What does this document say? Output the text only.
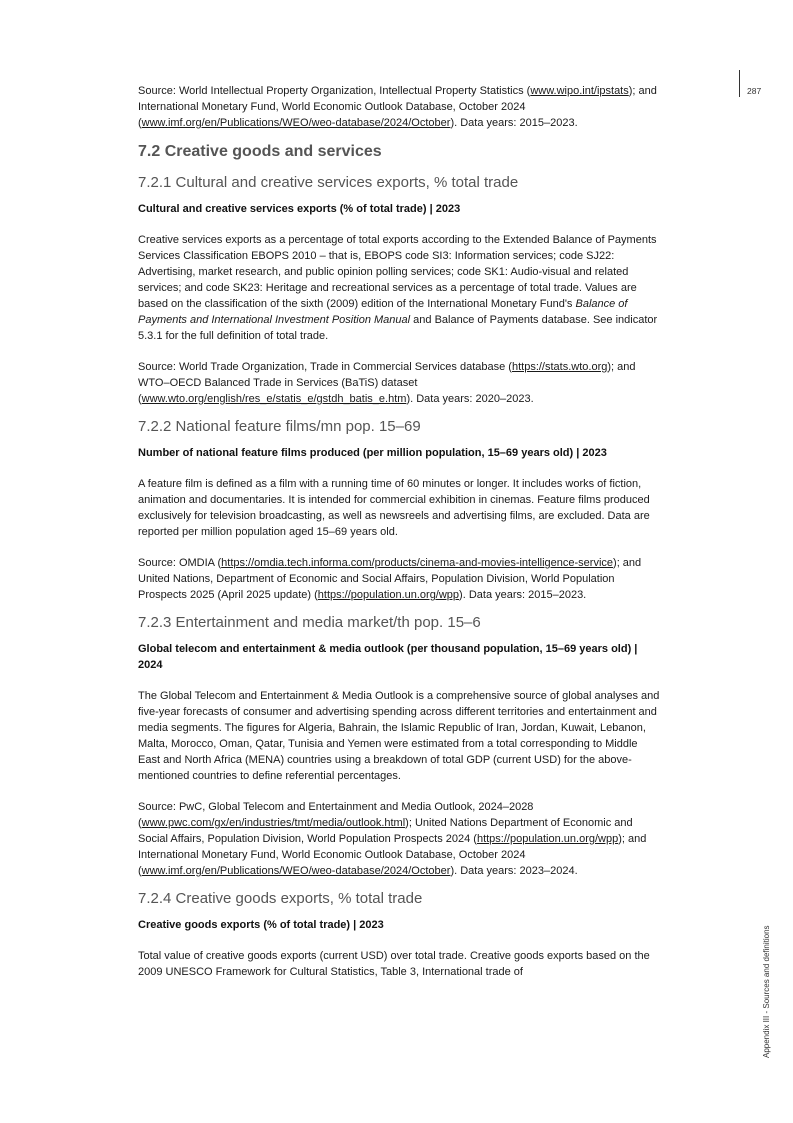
287
Appendix III - Sources and definitions

Source: World Intellectual Property Organization, Intellectual Property Statistics (www.wipo.int/ipstats); and International Monetary Fund, World Economic Outlook Database, October 2024 (www.imf.org/en/Publications/WEO/weo-database/2024/October). Data years: 2015–2023.

7.2 Creative goods and services
7.2.1 Cultural and creative services exports, % total trade

Cultural and creative services exports (% of total trade) | 2023

Creative services exports as a percentage of total exports according to the Extended Balance of Payments Services Classification EBOPS 2010 – that is, EBOPS code SI3: Information services; code SJ22: Advertising, market research, and public opinion polling services; code SK1: Audio-visual and related services; and code SK23: Heritage and recreational services as a percentage of total trade. Values are based on the classification of the sixth (2009) edition of the International Monetary Fund's Balance of Payments and International Investment Position Manual and Balance of Payments database. See indicator 5.3.1 for the full definition of total trade.

Source: World Trade Organization, Trade in Commercial Services database (https://stats.wto.org); and WTO–OECD Balanced Trade in Services (BaTiS) dataset (www.wto.org/english/res_e/statis_e/gstdh_batis_e.htm). Data years: 2020–2023.

7.2.2 National feature films/mn pop. 15–69

Number of national feature films produced (per million population, 15–69 years old) | 2023

A feature film is defined as a film with a running time of 60 minutes or longer. It includes works of fiction, animation and documentaries. It is intended for commercial exhibition in cinemas. Feature films produced exclusively for television broadcasting, as well as newsreels and advertising films, are excluded. Data are reported per million population aged 15–69 years old.

Source: OMDIA (https://omdia.tech.informa.com/products/cinema-and-movies-intelligence-service); and United Nations, Department of Economic and Social Affairs, Population Division, World Population Prospects 2025 (April 2025 update) (https://population.un.org/wpp). Data years: 2015–2023.

7.2.3 Entertainment and media market/th pop. 15–6

Global telecom and entertainment & media outlook (per thousand population, 15–69 years old) | 2024

The Global Telecom and Entertainment & Media Outlook is a comprehensive source of global analyses and five-year forecasts of consumer and advertising spending across different territories and entertainment and media segments. The figures for Algeria, Bahrain, the Islamic Republic of Iran, Jordan, Kuwait, Lebanon, Malta, Morocco, Oman, Qatar, Tunisia and Yemen were estimated from a total corresponding to Middle East and North Africa (MENA) countries using a breakdown of total GDP (current USD) for the above-mentioned countries to define referential percentages.

Source: PwC, Global Telecom and Entertainment and Media Outlook, 2024–2028 (www.pwc.com/gx/en/industries/tmt/media/outlook.html); United Nations Department of Economic and Social Affairs, Population Division, World Population Prospects 2024 (https://population.un.org/wpp); and International Monetary Fund, World Economic Outlook Database, October 2024 (www.imf.org/en/Publications/WEO/weo-database/2024/October). Data years: 2023–2024.

7.2.4 Creative goods exports, % total trade

Creative goods exports (% of total trade) | 2023

Total value of creative goods exports (current USD) over total trade. Creative goods exports based on the 2009 UNESCO Framework for Cultural Statistics, Table 3, International trade of
